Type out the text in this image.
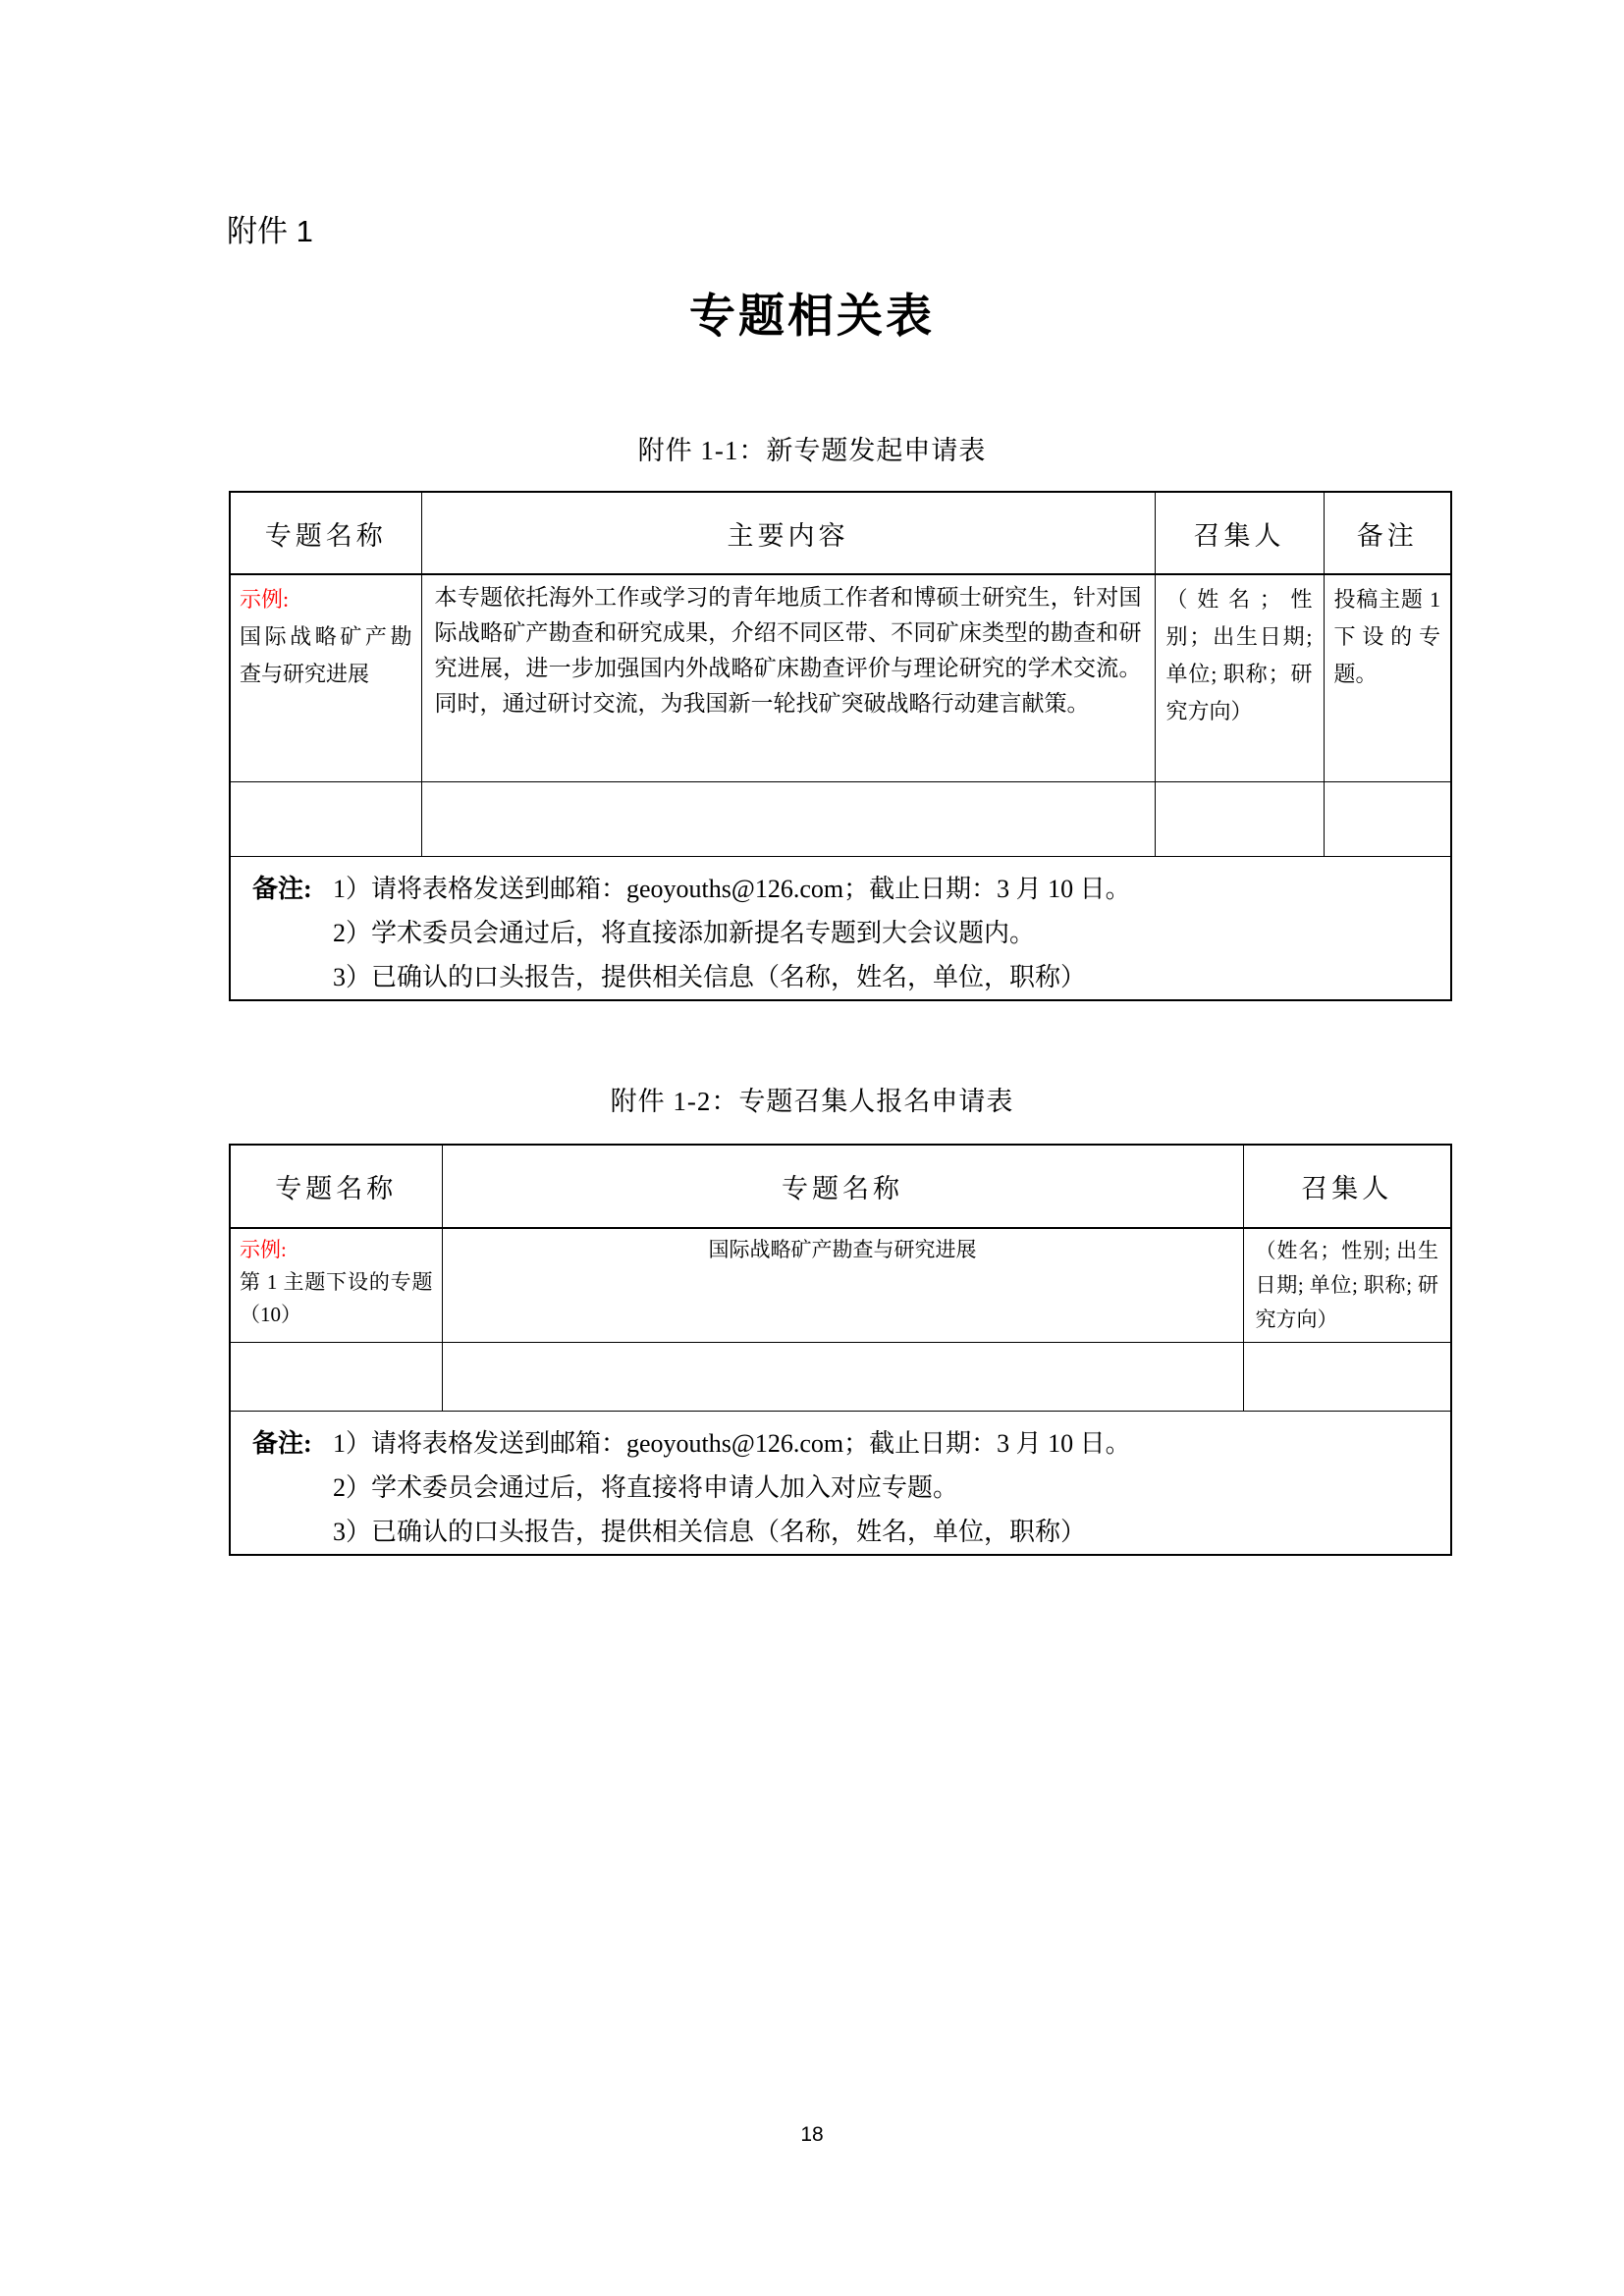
附件 1
专题相关表
附件 1-1：新专题发起申请表
专题名称	主要内容	召集人	备注

示例:
国际战略矿产勘查与研究进展	本专题依托海外工作或学习的青年地质工作者和博硕士研究生，针对国际战略矿产勘查和研究成果，介绍不同区带、不同矿床类型的勘查和研究进展，进一步加强国内外战略矿床勘查评价与理论研究的学术交流。同时，通过研讨交流，为我国新一轮找矿突破战略行动建言献策。	（姓名；性别；出生日期; 单位; 职称；研究方向）	投稿主题 1 下设的专题。

备注: 1）请将表格发送到邮箱：geoyouths@126.com；截止日期：3 月 10 日。
2）学术委员会通过后，将直接添加新提名专题到大会议题内。
3）已确认的口头报告，提供相关信息（名称，姓名，单位，职称）			
附件 1-2：专题召集人报名申请表
专题名称	专题名称	召集人

示例:
第 1 主题下设的专题（10）	国际战略矿产勘查与研究进展	（姓名；性别; 出生日期; 单位; 职称; 研究方向）

备注: 1）请将表格发送到邮箱：geoyouths@126.com；截止日期：3 月 10 日。
2）学术委员会通过后，将直接将申请人加入对应专题。
3）已确认的口头报告，提供相关信息（名称，姓名，单位，职称）		
18
